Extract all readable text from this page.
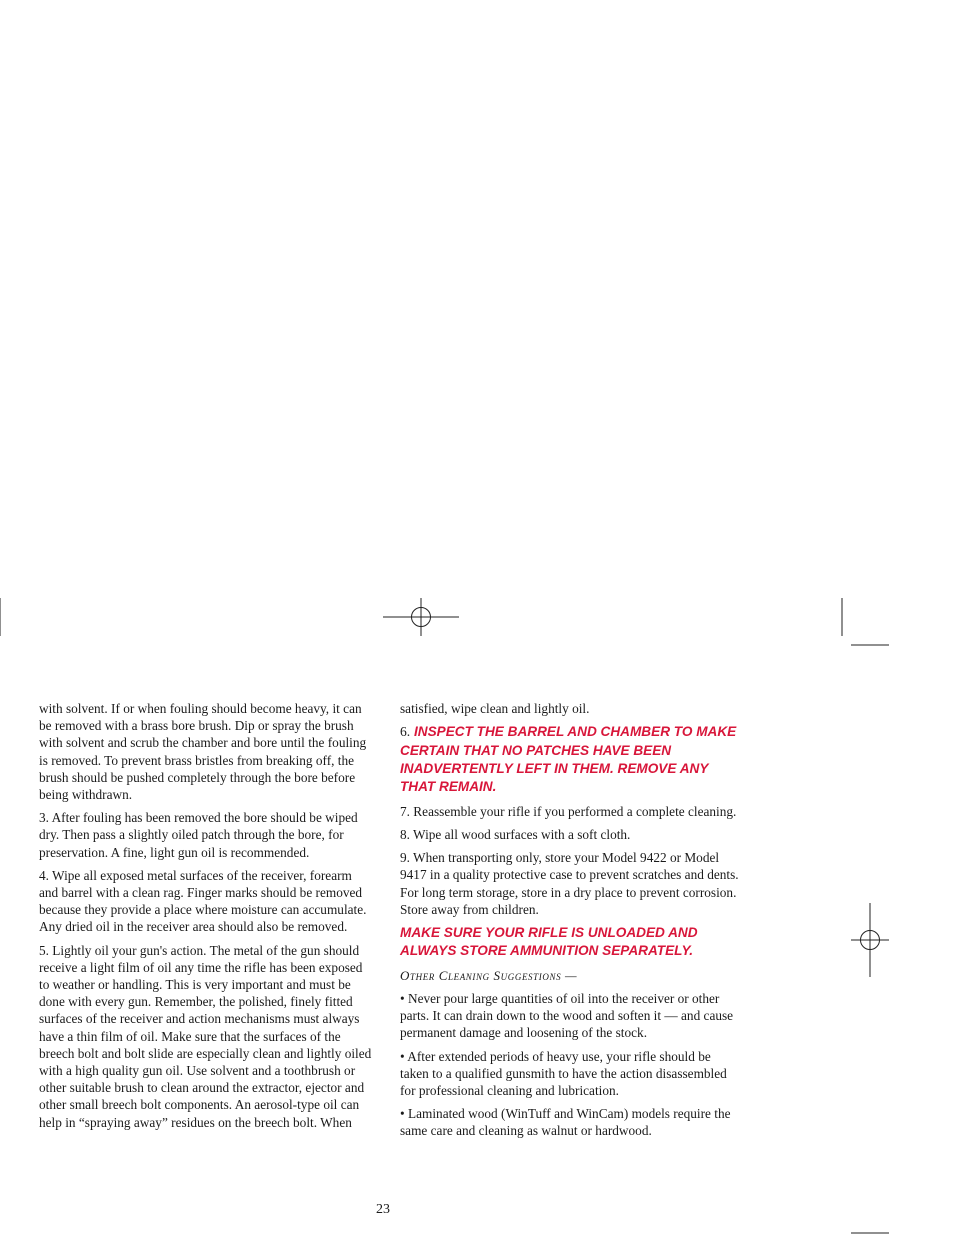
with solvent. If or when fouling should become heavy, it can be removed with a brass bore brush. Dip or spray the brush with solvent and scrub the chamber and bore until the fouling is removed. To prevent brass bristles from breaking off, the brush should be pushed completely through the bore before being withdrawn.

3. After fouling has been removed the bore should be wiped dry. Then pass a slightly oiled patch through the bore, for preservation. A fine, light gun oil is recommended.

4. Wipe all exposed metal surfaces of the receiver, forearm and barrel with a clean rag. Finger marks should be removed because they provide a place where moisture can accumulate. Any dried oil in the receiver area should also be removed.

5. Lightly oil your gun's action. The metal of the gun should receive a light film of oil any time the rifle has been exposed to weather or handling. This is very important and must be done with every gun. Remember, the polished, finely fitted surfaces of the receiver and action mechanisms must always have a thin film of oil. Make sure that the surfaces of the breech bolt and bolt slide are especially clean and lightly oiled with a high quality gun oil. Use solvent and a toothbrush or other suitable brush to clean around the extractor, ejector and other small breech bolt components. An aerosol-type oil can help in “spraying away” residues on the breech bolt. When

satisfied, wipe clean and lightly oil.

6. INSPECT THE BARREL AND CHAMBER TO MAKE CERTAIN THAT NO PATCHES HAVE BEEN INADVERTENTLY LEFT IN THEM. REMOVE ANY THAT REMAIN.

7. Reassemble your rifle if you performed a complete cleaning.

8. Wipe all wood surfaces with a soft cloth.

9. When transporting only, store your Model 9422 or Model 9417 in a quality protective case to prevent scratches and dents. For long term storage, store in a dry place to prevent corrosion. Store away from children.

MAKE SURE YOUR RIFLE IS UNLOADED AND ALWAYS STORE AMMUNITION SEPARATELY.

Other Cleaning Suggestions —

• Never pour large quantities of oil into the receiver or other parts. It can drain down to the wood and soften it — and cause permanent damage and loosening of the stock.

• After extended periods of heavy use, your rifle should be taken to a qualified gunsmith to have the action disassembled for professional cleaning and lubrication.

• Laminated wood (WinTuff and WinCam) models require the same care and cleaning as walnut or hardwood.

23
